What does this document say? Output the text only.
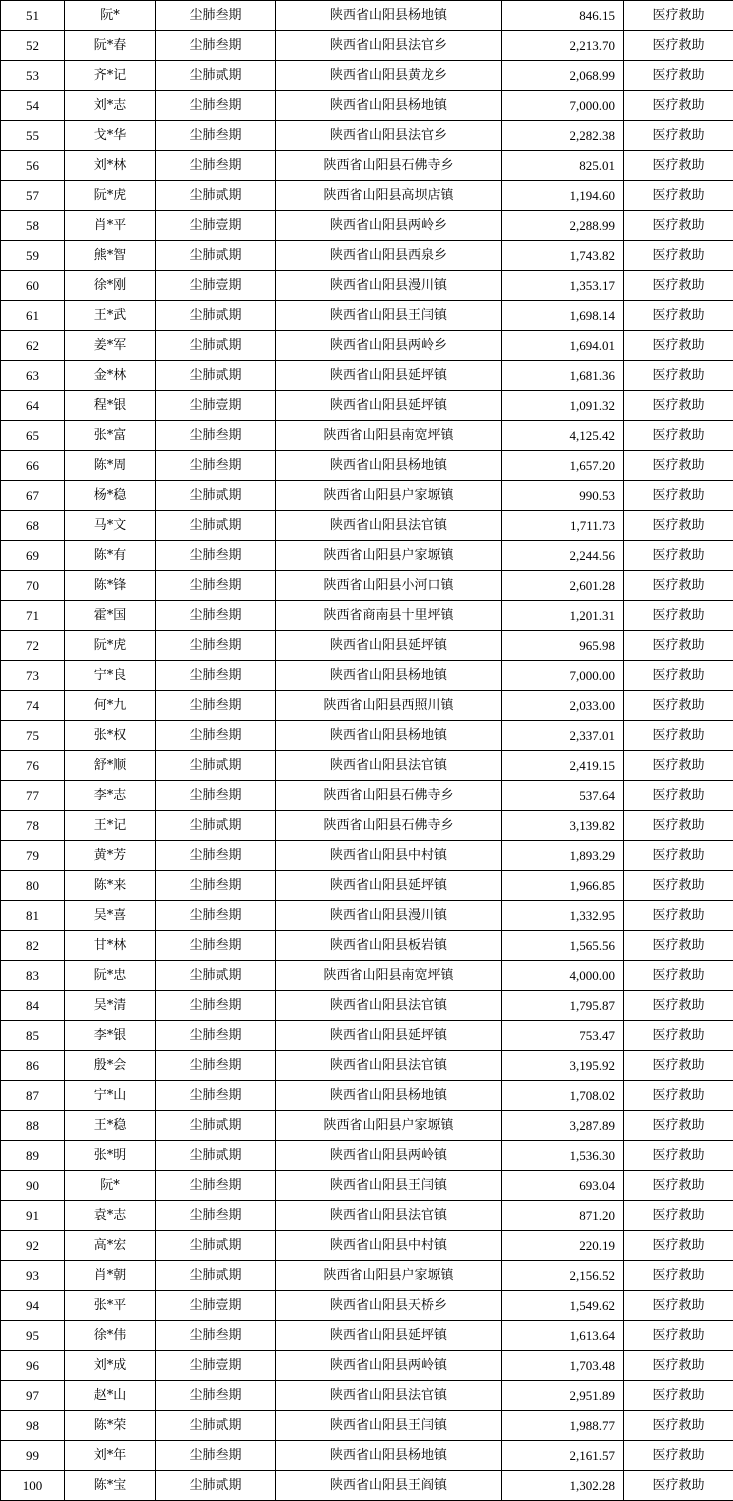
51	阮*	尘肺叁期	陕西省山阳县杨地镇	846.15	医疗救助
52	阮*春	尘肺叁期	陕西省山阳县法官乡	2,213.70	医疗救助
53	齐*记	尘肺贰期	陕西省山阳县黄龙乡	2,068.99	医疗救助
54	刘*志	尘肺叁期	陕西省山阳县杨地镇	7,000.00	医疗救助
55	戈*华	尘肺叁期	陕西省山阳县法官乡	2,282.38	医疗救助
56	刘*林	尘肺叁期	陕西省山阳县石佛寺乡	825.01	医疗救助
57	阮*虎	尘肺贰期	陕西省山阳县高坝店镇	1,194.60	医疗救助
58	肖*平	尘肺壹期	陕西省山阳县两岭乡	2,288.99	医疗救助
59	熊*智	尘肺贰期	陕西省山阳县西泉乡	1,743.82	医疗救助
60	徐*刚	尘肺壹期	陕西省山阳县漫川镇	1,353.17	医疗救助
61	王*武	尘肺贰期	陕西省山阳县王闫镇	1,698.14	医疗救助
62	姜*军	尘肺贰期	陕西省山阳县两岭乡	1,694.01	医疗救助
63	金*林	尘肺贰期	陕西省山阳县延坪镇	1,681.36	医疗救助
64	程*银	尘肺壹期	陕西省山阳县延坪镇	1,091.32	医疗救助
65	张*富	尘肺叁期	陕西省山阳县南宽坪镇	4,125.42	医疗救助
66	陈*周	尘肺叁期	陕西省山阳县杨地镇	1,657.20	医疗救助
67	杨*稳	尘肺贰期	陕西省山阳县户家塬镇	990.53	医疗救助
68	马*文	尘肺贰期	陕西省山阳县法官镇	1,711.73	医疗救助
69	陈*有	尘肺叁期	陕西省山阳县户家塬镇	2,244.56	医疗救助
70	陈*锋	尘肺叁期	陕西省山阳县小河口镇	2,601.28	医疗救助
71	霍*国	尘肺叁期	陕西省商南县十里坪镇	1,201.31	医疗救助
72	阮*虎	尘肺叁期	陕西省山阳县延坪镇	965.98	医疗救助
73	宁*良	尘肺叁期	陕西省山阳县杨地镇	7,000.00	医疗救助
74	何*九	尘肺叁期	陕西省山阳县西照川镇	2,033.00	医疗救助
75	张*权	尘肺叁期	陕西省山阳县杨地镇	2,337.01	医疗救助
76	舒*顺	尘肺贰期	陕西省山阳县法官镇	2,419.15	医疗救助
77	李*志	尘肺叁期	陕西省山阳县石佛寺乡	537.64	医疗救助
78	王*记	尘肺贰期	陕西省山阳县石佛寺乡	3,139.82	医疗救助
79	黄*芳	尘肺叁期	陕西省山阳县中村镇	1,893.29	医疗救助
80	陈*来	尘肺叁期	陕西省山阳县延坪镇	1,966.85	医疗救助
81	吴*喜	尘肺叁期	陕西省山阳县漫川镇	1,332.95	医疗救助
82	甘*林	尘肺叁期	陕西省山阳县板岩镇	1,565.56	医疗救助
83	阮*忠	尘肺贰期	陕西省山阳县南宽坪镇	4,000.00	医疗救助
84	吴*清	尘肺叁期	陕西省山阳县法官镇	1,795.87	医疗救助
85	李*银	尘肺叁期	陕西省山阳县延坪镇	753.47	医疗救助
86	殷*会	尘肺叁期	陕西省山阳县法官镇	3,195.92	医疗救助
87	宁*山	尘肺叁期	陕西省山阳县杨地镇	1,708.02	医疗救助
88	王*稳	尘肺贰期	陕西省山阳县户家塬镇	3,287.89	医疗救助
89	张*明	尘肺贰期	陕西省山阳县两岭镇	1,536.30	医疗救助
90	阮*	尘肺叁期	陕西省山阳县王闫镇	693.04	医疗救助
91	袁*志	尘肺叁期	陕西省山阳县法官镇	871.20	医疗救助
92	高*宏	尘肺贰期	陕西省山阳县中村镇	220.19	医疗救助
93	肖*朝	尘肺贰期	陕西省山阳县户家塬镇	2,156.52	医疗救助
94	张*平	尘肺壹期	陕西省山阳县天桥乡	1,549.62	医疗救助
95	徐*伟	尘肺叁期	陕西省山阳县延坪镇	1,613.64	医疗救助
96	刘*成	尘肺壹期	陕西省山阳县两岭镇	1,703.48	医疗救助
97	赵*山	尘肺叁期	陕西省山阳县法官镇	2,951.89	医疗救助
98	陈*荣	尘肺贰期	陕西省山阳县王闫镇	1,988.77	医疗救助
99	刘*年	尘肺叁期	陕西省山阳县杨地镇	2,161.57	医疗救助
100	陈*宝	尘肺贰期	陕西省山阳县王阎镇	1,302.28	医疗救助
